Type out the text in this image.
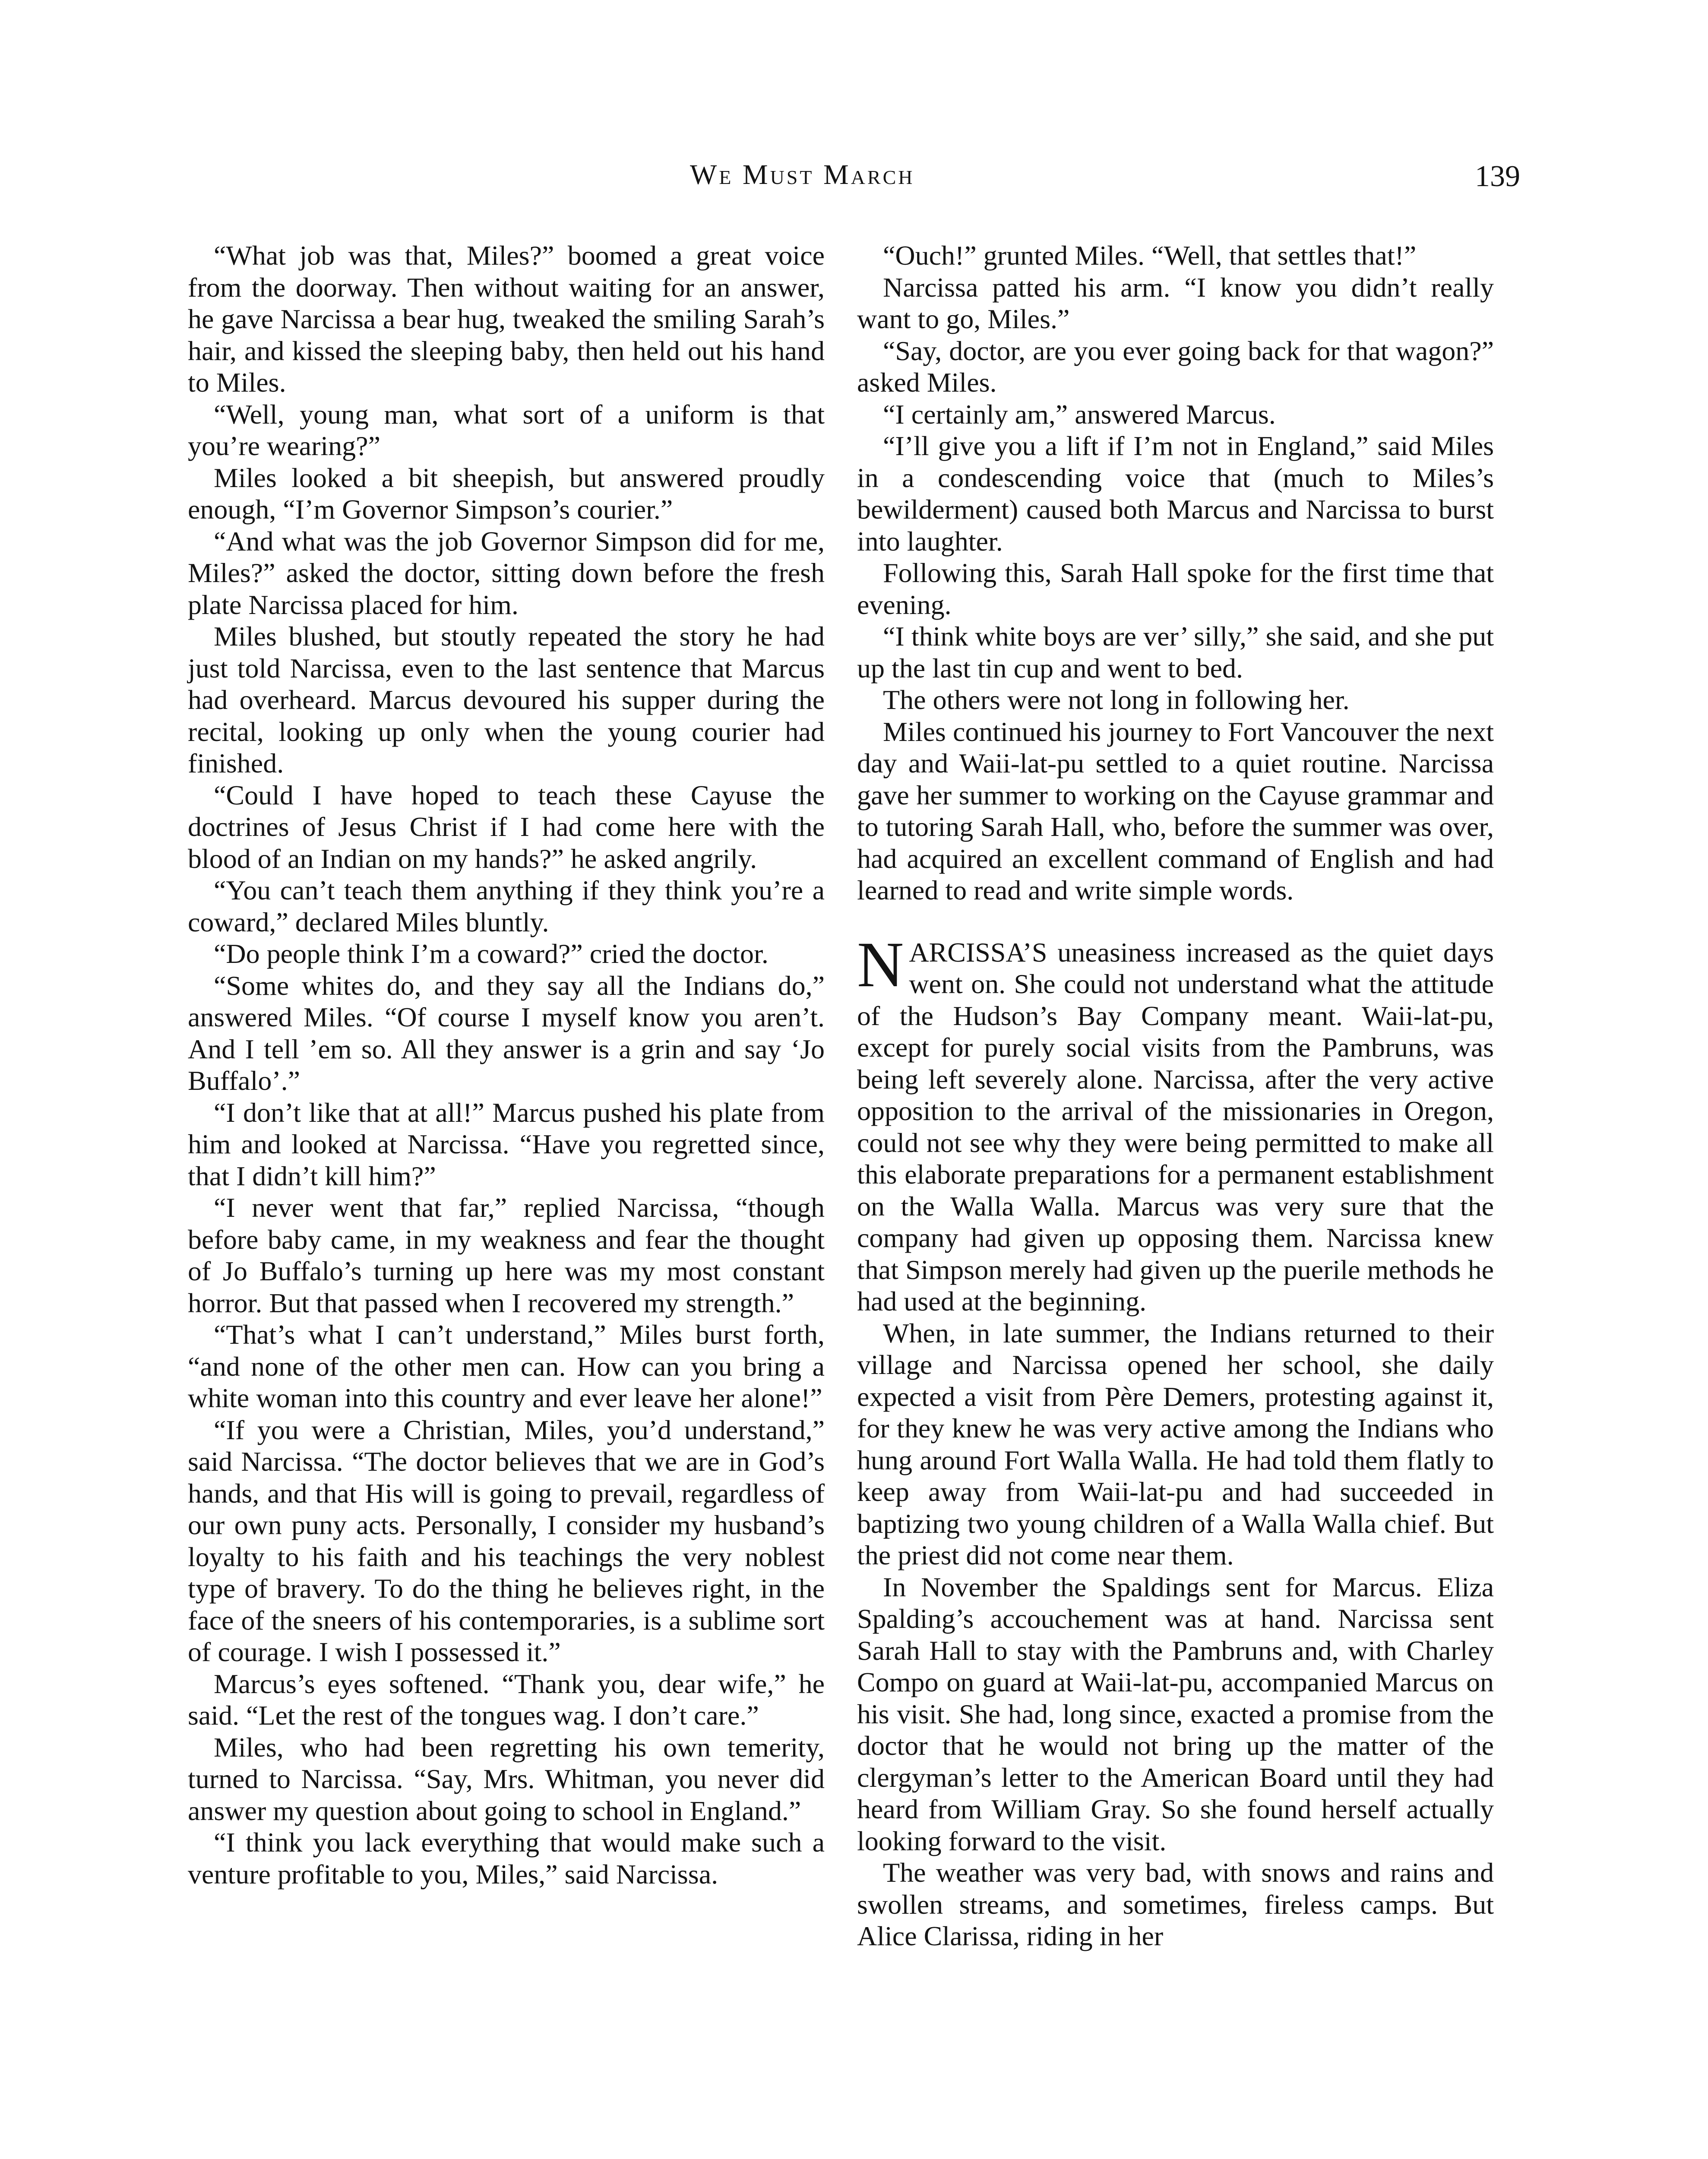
We Must March	139

“What job was that, Miles?” boomed a great voice from the doorway. Then without waiting for an answer, he gave Narcissa a bear hug, tweaked the smiling Sarah’s hair, and kissed the sleeping baby, then held out his hand to Miles.

“Well, young man, what sort of a uniform is that you’re wearing?”

Miles looked a bit sheepish, but answered proudly enough, “I’m Governor Simpson’s courier.”

“And what was the job Governor Simpson did for me, Miles?” asked the doctor, sitting down before the fresh plate Narcissa placed for him.

Miles blushed, but stoutly repeated the story he had just told Narcissa, even to the last sentence that Marcus had overheard. Marcus devoured his supper during the recital, looking up only when the young courier had finished.

“Could I have hoped to teach these Cayuse the doctrines of Jesus Christ if I had come here with the blood of an Indian on my hands?” he asked angrily.

“You can’t teach them anything if they think you’re a coward,” declared Miles bluntly.

“Do people think I’m a coward?” cried the doctor.

“Some whites do, and they say all the Indians do,” answered Miles. “Of course I myself know you aren’t. And I tell ’em so. All they answer is a grin and say ‘Jo Buffalo’.”

“I don’t like that at all!” Marcus pushed his plate from him and looked at Narcissa. “Have you regretted since, that I didn’t kill him?”

“I never went that far,” replied Narcissa, “though before baby came, in my weakness and fear the thought of Jo Buffalo’s turning up here was my most constant horror. But that passed when I recovered my strength.”

“That’s what I can’t understand,” Miles burst forth, “and none of the other men can. How can you bring a white woman into this country and ever leave her alone!”

“If you were a Christian, Miles, you’d understand,” said Narcissa. “The doctor believes that we are in God’s hands, and that His will is going to prevail, regardless of our own puny acts. Personally, I consider my husband’s loyalty to his faith and his teachings the very noblest type of bravery. To do the thing he believes right, in the face of the sneers of his contemporaries, is a sublime sort of courage. I wish I possessed it.”

Marcus’s eyes softened. “Thank you, dear wife,” he said. “Let the rest of the tongues wag. I don’t care.”

Miles, who had been regretting his own temerity, turned to Narcissa. “Say, Mrs. Whitman, you never did answer my question about going to school in England.”

“I think you lack everything that would make such a venture profitable to you, Miles,” said Narcissa.

“Ouch!” grunted Miles. “Well, that settles that!”

Narcissa patted his arm. “I know you didn’t really want to go, Miles.”

“Say, doctor, are you ever going back for that wagon?” asked Miles.

“I certainly am,” answered Marcus.

“I’ll give you a lift if I’m not in England,” said Miles in a condescending voice that (much to Miles’s bewilderment) caused both Marcus and Narcissa to burst into laughter.

Following this, Sarah Hall spoke for the first time that evening.

“I think white boys are ver’ silly,” she said, and she put up the last tin cup and went to bed.

The others were not long in following her.

Miles continued his journey to Fort Vancouver the next day and Waii-lat-pu settled to a quiet routine. Narcissa gave her summer to working on the Cayuse grammar and to tutoring Sarah Hall, who, before the summer was over, had acquired an excellent command of English and had learned to read and write simple words.

NARCISSA’S uneasiness increased as the quiet days went on. She could not understand what the attitude of the Hudson’s Bay Company meant. Waii-lat-pu, except for purely social visits from the Pambruns, was being left severely alone. Narcissa, after the very active opposition to the arrival of the missionaries in Oregon, could not see why they were being permitted to make all this elaborate preparations for a permanent establishment on the Walla Walla. Marcus was very sure that the company had given up opposing them. Narcissa knew that Simpson merely had given up the puerile methods he had used at the beginning.

When, in late summer, the Indians returned to their village and Narcissa opened her school, she daily expected a visit from Père Demers, protesting against it, for they knew he was very active among the Indians who hung around Fort Walla Walla. He had told them flatly to keep away from Waii-lat-pu and had succeeded in baptizing two young children of a Walla Walla chief. But the priest did not come near them.

In November the Spaldings sent for Marcus. Eliza Spalding’s accouchement was at hand. Narcissa sent Sarah Hall to stay with the Pambruns and, with Charley Compo on guard at Waii-lat-pu, accompanied Marcus on his visit. She had, long since, exacted a promise from the doctor that he would not bring up the matter of the clergyman’s letter to the American Board until they had heard from William Gray. So she found herself actually looking forward to the visit.

The weather was very bad, with snows and rains and swollen streams, and sometimes, fireless camps. But Alice Clarissa, riding in her
